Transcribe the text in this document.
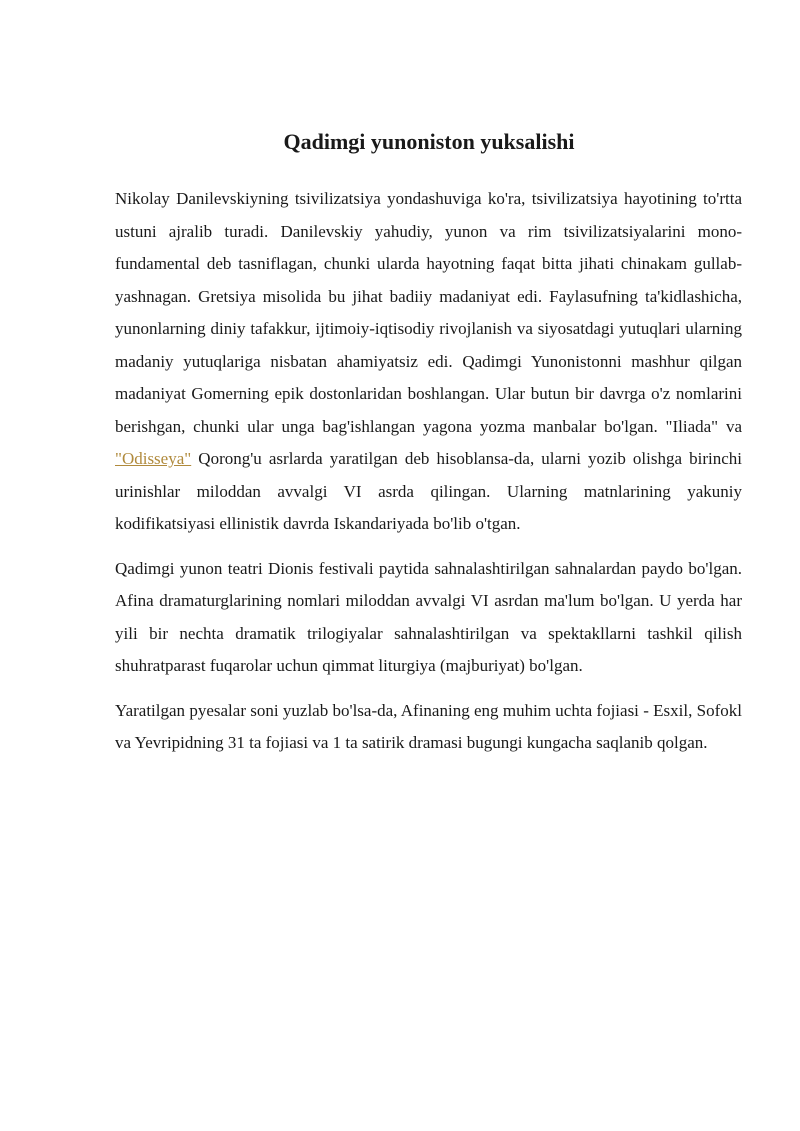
Qadimgi yunoniston yuksalishi

Nikolay Danilevskiyning tsivilizatsiya yondashuviga ko'ra, tsivilizatsiya hayotining to'rtta ustuni ajralib turadi. Danilevskiy yahudiy, yunon va rim tsivilizatsiyalarini mono-fundamental deb tasniflagan, chunki ularda hayotning faqat bitta jihati chinakam gullab-yashnagan. Gretsiya misolida bu jihat badiiy madaniyat edi. Faylasufning ta'kidlashicha, yunonlarning diniy tafakkur, ijtimoiy-iqtisodiy rivojlanish va siyosatdagi yutuqlari ularning madaniy yutuqlariga nisbatan ahamiyatsiz edi. Qadimgi Yunonistonni mashhur qilgan madaniyat Gomerning epik dostonlaridan boshlangan. Ular butun bir davrga o'z nomlarini berishgan, chunki ular unga bag'ishlangan yagona yozma manbalar bo'lgan. "Iliada" va "Odisseya" Qorong'u asrlarda yaratilgan deb hisoblansa-da, ularni yozib olishga birinchi urinishlar miloddan avvalgi VI asrda qilingan. Ularning matnlarining yakuniy kodifikatsiyasi ellinistik davrda Iskandariyada bo'lib o'tgan.

Qadimgi yunon teatri Dionis festivali paytida sahnalashtirilgan sahnalardan paydo bo'lgan. Afina dramaturglarining nomlari miloddan avvalgi VI asrdan ma'lum bo'lgan. U yerda har yili bir nechta dramatik trilogiyalar sahnalashtirilgan va spektakllarni tashkil qilish shuhratparast fuqarolar uchun qimmat liturgiya (majburiyat) bo'lgan.

Yaratilgan pyesalar soni yuzlab bo'lsa-da, Afinaning eng muhim uchta fojiasi - Esxil, Sofokl va Yevripidning 31 ta fojiasi va 1 ta satirik dramasi bugungi kungacha saqlanib qolgan.
